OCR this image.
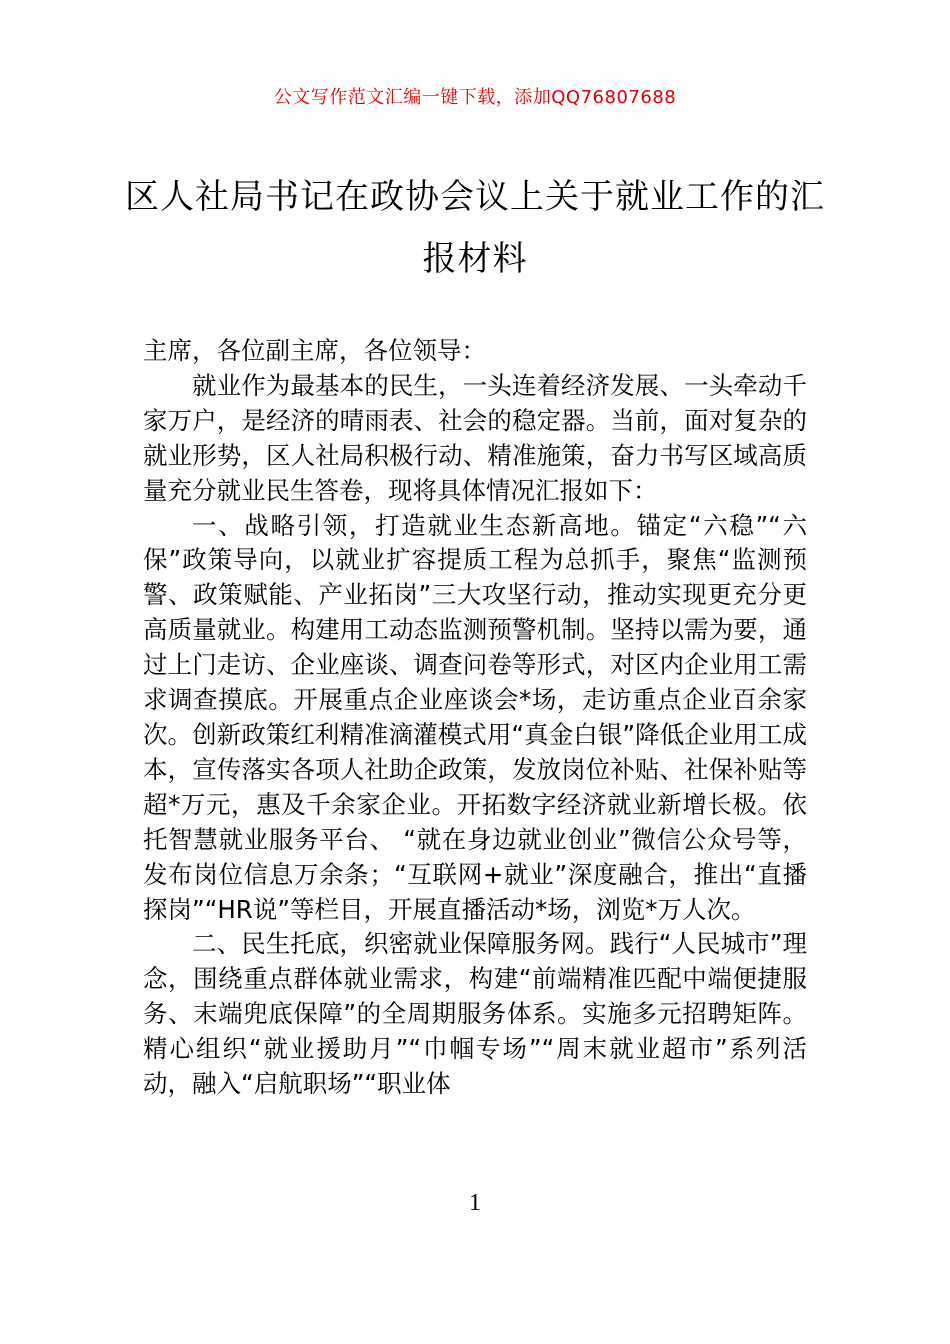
公文写作范文汇编一键下载，添加QQ76807688
区人社局书记在政协会议上关于就业工作的汇报材料

主席，各位副主席，各位领导：

就业作为最基本的民生，一头连着经济发展、一头牵动千家万户，是经济的晴雨表、社会的稳定器。当前，面对复杂的就业形势，区人社局积极行动、精准施策，奋力书写区域高质量充分就业民生答卷，现将具体情况汇报如下：

一、战略引领，打造就业生态新高地。锚定“六稳”“六保”政策导向，以就业扩容提质工程为总抓手，聚焦“监测预警、政策赋能、产业拓岗”三大攻坚行动，推动实现更充分更高质量就业。构建用工动态监测预警机制。坚持以需为要，通过上门走访、企业座谈、调查问卷等形式，对区内企业用工需求调查摸底。开展重点企业座谈会*场，走访重点企业百余家次。创新政策红利精准滴灌模式用“真金白银”降低企业用工成本，宣传落实各项人社助企政策，发放岗位补贴、社保补贴等超*万元，惠及千余家企业。开拓数字经济就业新增长极。依托智慧就业服务平台、 “就在身边就业创业”微信公众号等，发布岗位信息万余条；“互联网+就业”深度融合，推出“直播探岗”“HR说”等栏目，开展直播活动*场，浏览*万人次。

二、民生托底，织密就业保障服务网。践行“人民城市”理念，围绕重点群体就业需求，构建“前端精准匹配中端便捷服务、末端兜底保障”的全周期服务体系。实施多元招聘矩阵。精心组织“就业援助月”“巾帼专场”“周末就业超市”系列活动，融入“启航职场”“职业体

1
